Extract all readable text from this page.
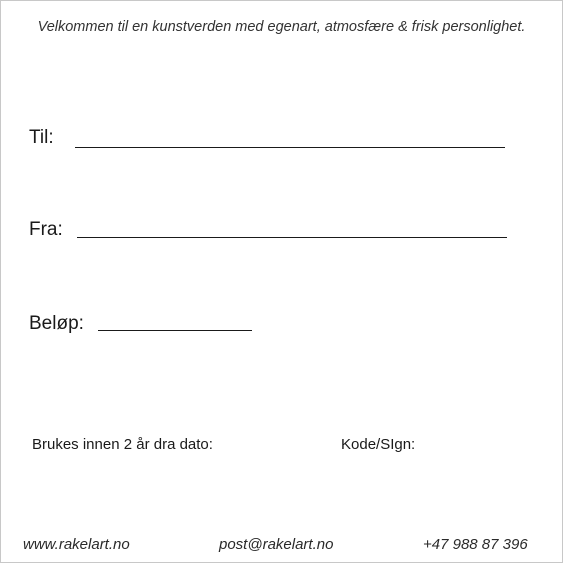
Velkommen til en kunstverden med egenart, atmosfære & frisk personlighet.
Til:
Fra:
Beløp:
Brukes innen 2 år dra dato:	Kode/SIgn:
www.rakelart.no	post@rakelart.no	+47 988 87 396
